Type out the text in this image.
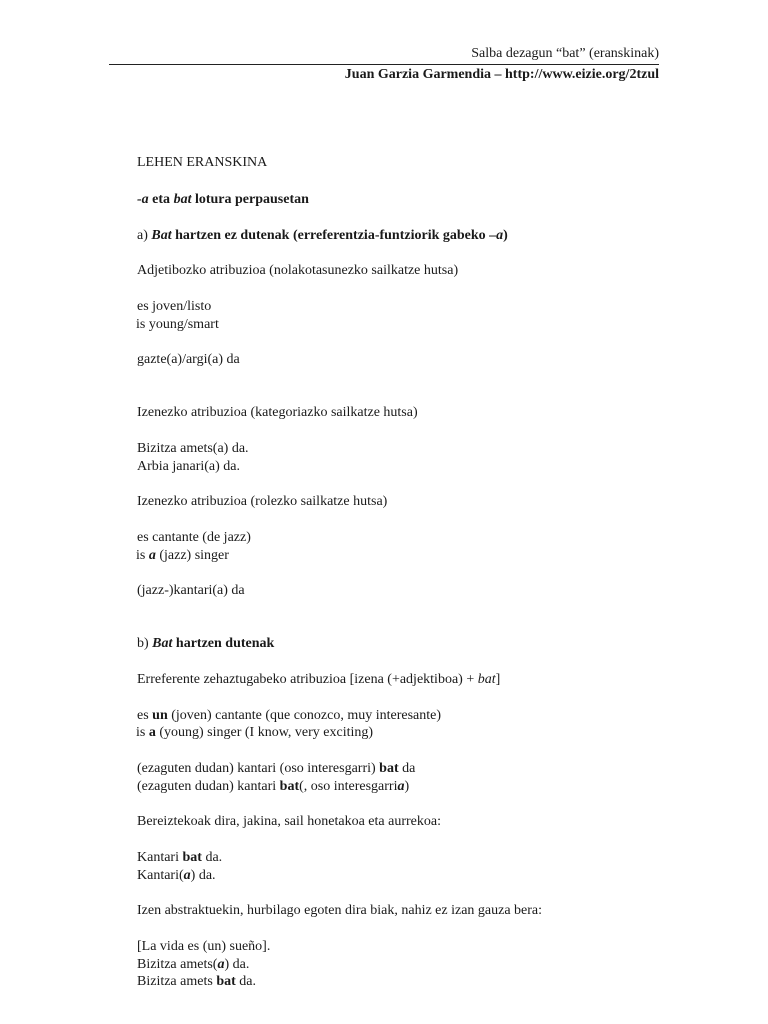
Salba dezagun “bat” (eranskinak)
Juan Garzia Garmendia – http://www.eizie.org/2tzul
LEHEN ERANSKINA
-a eta bat lotura perpausetan
a) Bat hartzen ez dutenak (erreferentzia-funtziorik gabeko –a)
Adjetibozko atribuzioa (nolakotasunezko sailkatze hutsa)
es joven/listo
is young/smart
gazte(a)/argi(a) da
Izenezko atribuzioa (kategoriazko sailkatze hutsa)
Bizitza amets(a) da.
Arbia janari(a) da.
Izenezko atribuzioa (rolezko sailkatze hutsa)
es cantante (de jazz)
is a (jazz) singer
(jazz-)kantari(a) da
b) Bat hartzen dutenak
Erreferente zehaztugabeko atribuzioa [izena (+adjektiboa) + bat]
es un (joven) cantante (que conozco, muy interesante)
is a (young) singer (I know, very exciting)
(ezaguten dudan) kantari (oso interesgarri) bat da
(ezaguten dudan) kantari bat(, oso interesgarria)
Bereiztekoak dira, jakina, sail honetakoa eta aurrekoa:
Kantari bat da.
Kantari(a) da.
Izen abstraktuekin, hurbilago egoten dira biak, nahiz ez izan gauza bera:
[La vida es (un) sueño].
Bizitza amets(a) da.
Bizitza amets bat da.
